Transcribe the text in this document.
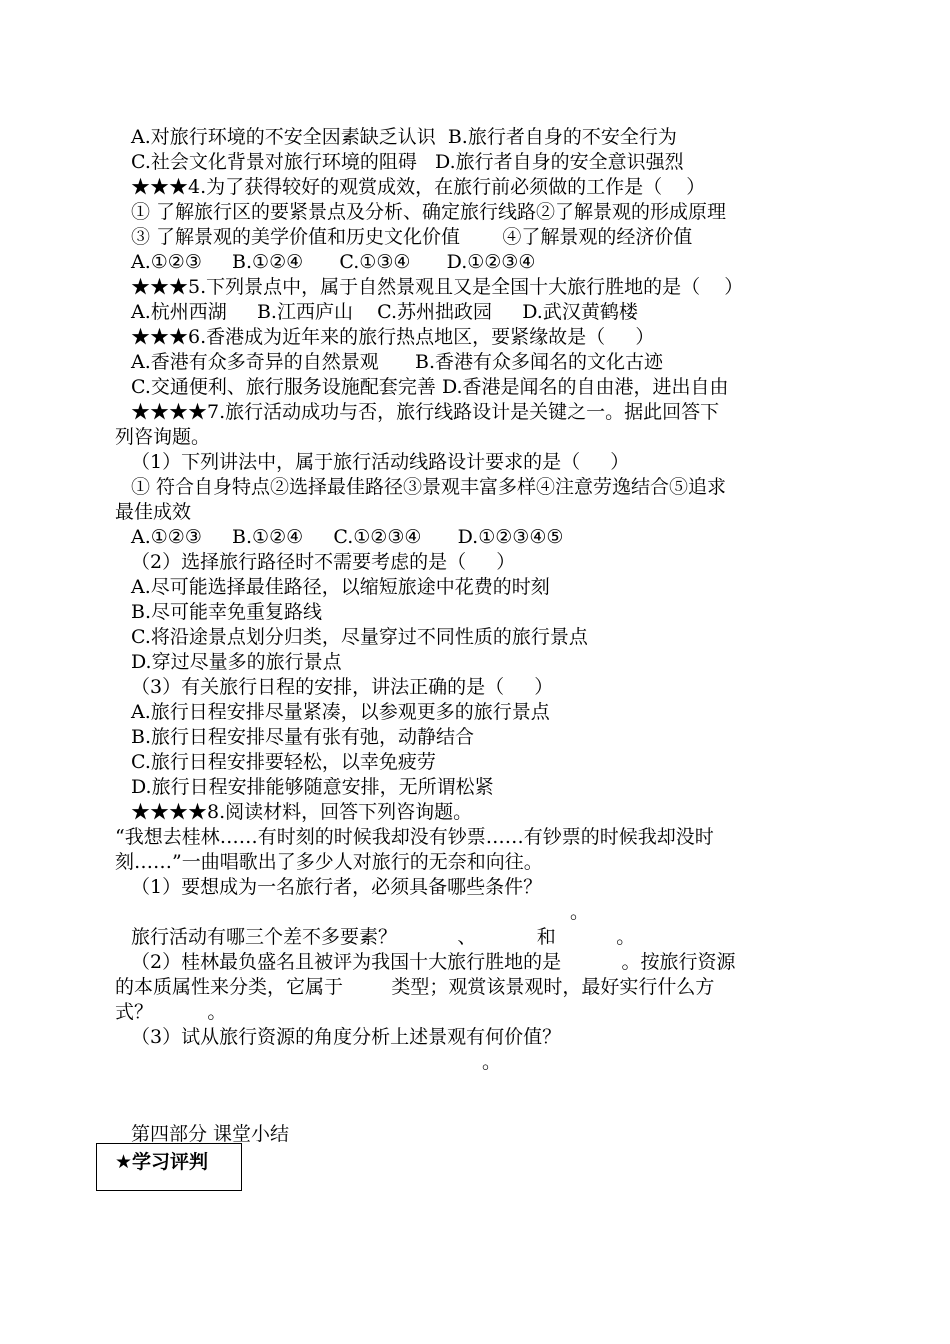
A.对旅行环境的不安全因素缺乏认识  B.旅行者自身的不安全行为
C.社会文化背景对旅行环境的阻碍   D.旅行者自身的安全意识强烈
★★★4.为了获得较好的观赏成效，在旅行前必须做的工作是（    ）
① 了解旅行区的要紧景点及分析、确定旅行线路②了解景观的形成原理
③ 了解景观的美学价值和历史文化价值       ④了解景观的经济价值
A.①②③     B.①②④      C.①③④      D.①②③④
★★★5.下列景点中，属于自然景观且又是全国十大旅行胜地的是（    ）
A.杭州西湖     B.江西庐山    C.苏州拙政园     D.武汉黄鹤楼
★★★6.香港成为近年来的旅行热点地区，要紧缘故是（     ）
A.香港有众多奇异的自然景观      B.香港有众多闻名的文化古迹
C.交通便利、旅行服务设施配套完善 D.香港是闻名的自由港，进出自由
★★★★7.旅行活动成功与否，旅行线路设计是关键之一。据此回答下
列咨询题。
（1）下列讲法中，属于旅行活动线路设计要求的是（     ）
① 符合自身特点②选择最佳路径③景观丰富多样④注意劳逸结合⑤追求
最佳成效
A.①②③     B.①②④     C.①②③④      D.①②③④⑤
（2）选择旅行路径时不需要考虑的是（     ）
A.尽可能选择最佳路径，以缩短旅途中花费的时刻
B.尽可能幸免重复路线
C.将沿途景点划分归类，尽量穿过不同性质的旅行景点
D.穿过尽量多的旅行景点
（3）有关旅行日程的安排，讲法正确的是（     ）
A.旅行日程安排尽量紧凑，以参观更多的旅行景点
B.旅行日程安排尽量有张有弛，动静结合
C.旅行日程安排要轻松，以幸免疲劳
D.旅行日程安排能够随意安排，无所谓松紧
★★★★8.阅读材料，回答下列咨询题。
“我想去桂林……有时刻的时候我却没有钞票……有钞票的时候我却没时
刻……”一曲唱歌出了多少人对旅行的无奈和向往。
（1）要想成为一名旅行者，必须具备哪些条件？
。
旅行活动有哪三个差不多要素？          、          和          。
（2）桂林最负盛名且被评为我国十大旅行胜地的是          。按旅行资源
的本质属性来分类，它属于        类型；观赏该景观时，最好实行什么方
式？         。
（3）试从旅行资源的角度分析上述景观有何价值？
。
第四部分 课堂小结
★学习评判
